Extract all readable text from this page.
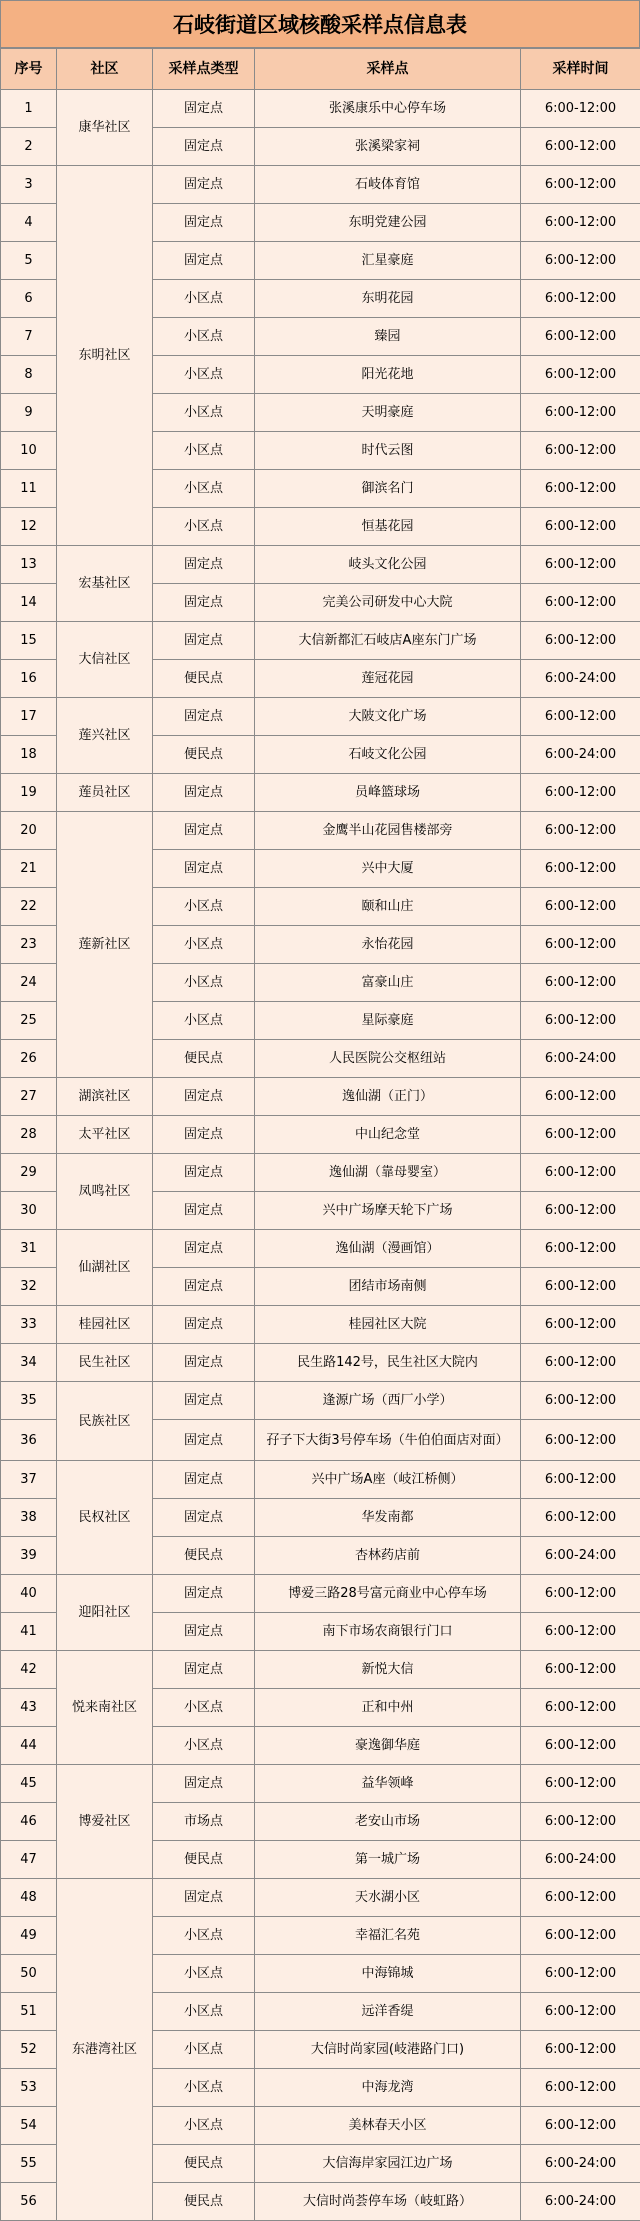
石岐街道区域核酸采样点信息表
序号	社区	采样点类型	采样点	采样时间
1	康华社区	固定点	张溪康乐中心停车场	6:00-12:00
2		固定点	张溪梁家祠	6:00-12:00
3	东明社区	固定点	石岐体育馆	6:00-12:00
4		固定点	东明党建公园	6:00-12:00
5		固定点	汇星豪庭	6:00-12:00
6		小区点	东明花园	6:00-12:00
7		小区点	臻园	6:00-12:00
8		小区点	阳光花地	6:00-12:00
9		小区点	天明豪庭	6:00-12:00
10		小区点	时代云图	6:00-12:00
11		小区点	御滨名门	6:00-12:00
12		小区点	恒基花园	6:00-12:00
13	宏基社区	固定点	岐头文化公园	6:00-12:00
14		固定点	完美公司研发中心大院	6:00-12:00
15	大信社区	固定点	大信新都汇石岐店A座东门广场	6:00-12:00
16		便民点	莲冠花园	6:00-24:00
17	莲兴社区	固定点	大陂文化广场	6:00-12:00
18		便民点	石岐文化公园	6:00-24:00
19	莲员社区	固定点	员峰篮球场	6:00-12:00
20	莲新社区	固定点	金鹰半山花园售楼部旁	6:00-12:00
21		固定点	兴中大厦	6:00-12:00
22		小区点	颐和山庄	6:00-12:00
23		小区点	永怡花园	6:00-12:00
24		小区点	富豪山庄	6:00-12:00
25		小区点	星际豪庭	6:00-12:00
26		便民点	人民医院公交枢纽站	6:00-24:00
27	湖滨社区	固定点	逸仙湖（正门）	6:00-12:00
28	太平社区	固定点	中山纪念堂	6:00-12:00
29	凤鸣社区	固定点	逸仙湖（靠母婴室）	6:00-12:00
30		固定点	兴中广场摩天轮下广场	6:00-12:00
31	仙湖社区	固定点	逸仙湖（漫画馆）	6:00-12:00
32		固定点	团结市场南侧	6:00-12:00
33	桂园社区	固定点	桂园社区大院	6:00-12:00
34	民生社区	固定点	民生路142号，民生社区大院内	6:00-12:00
35	民族社区	固定点	逢源广场（西厂小学）	6:00-12:00
36		固定点	孖子下大街3号停车场（牛伯伯面店对面）	6:00-12:00
37	民权社区	固定点	兴中广场A座（岐江桥侧）	6:00-12:00
38		固定点	华发南都	6:00-12:00
39		便民点	杏林药店前	6:00-24:00
40	迎阳社区	固定点	博爱三路28号富元商业中心停车场	6:00-12:00
41		固定点	南下市场农商银行门口	6:00-12:00
42	悦来南社区	固定点	新悦大信	6:00-12:00
43		小区点	正和中州	6:00-12:00
44		小区点	豪逸御华庭	6:00-12:00
45	博爱社区	固定点	益华领峰	6:00-12:00
46		市场点	老安山市场	6:00-12:00
47		便民点	第一城广场	6:00-24:00
48	东港湾社区	固定点	天水湖小区	6:00-12:00
49		小区点	幸福汇名苑	6:00-12:00
50		小区点	中海锦城	6:00-12:00
51		小区点	远洋香缇	6:00-12:00
52		小区点	大信时尚家园(岐港路门口)	6:00-12:00
53		小区点	中海龙湾	6:00-12:00
54		小区点	美林春天小区	6:00-12:00
55		便民点	大信海岸家园江边广场	6:00-24:00
56		便民点	大信时尚荟停车场（岐虹路）	6:00-24:00
